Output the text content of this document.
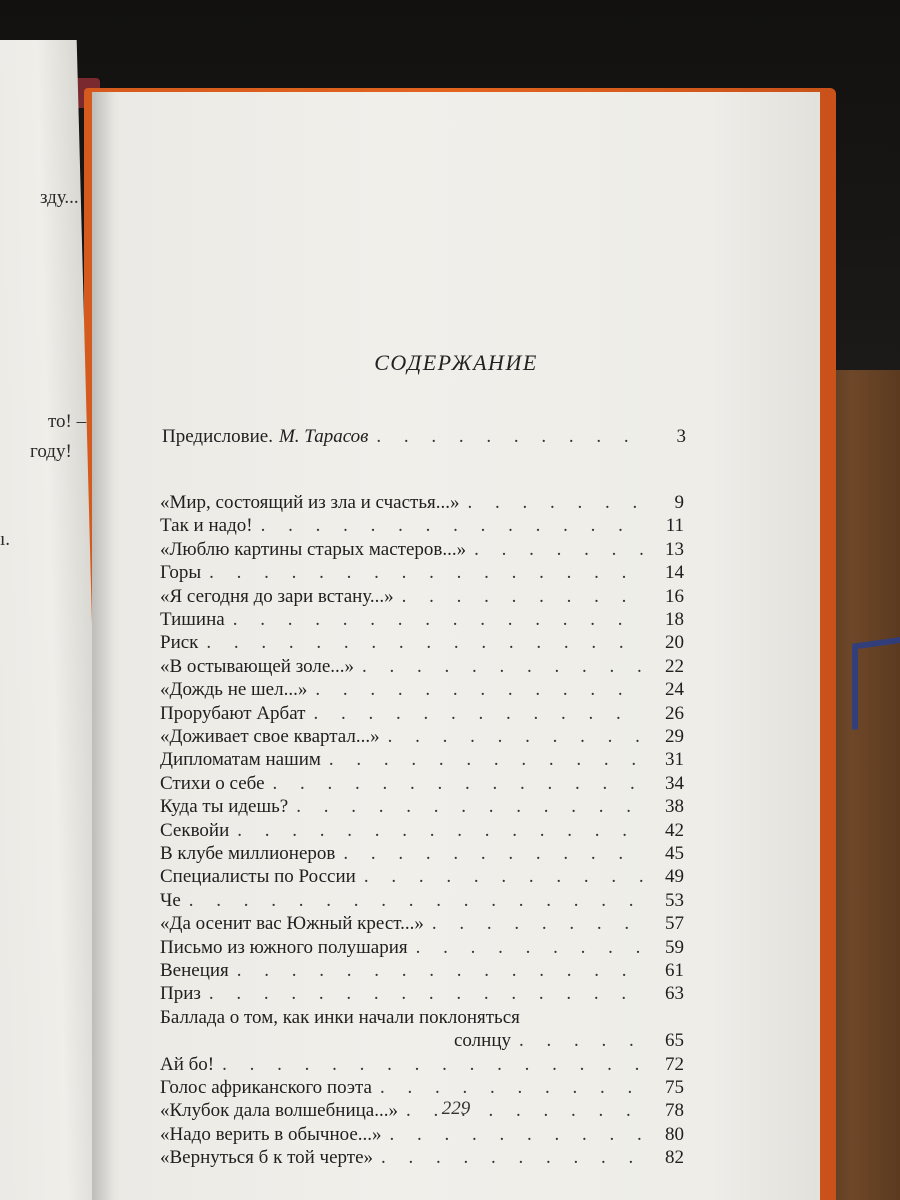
зду...
то! –
году!
ı.
СОДЕРЖАНИЕ
Предисловие. М. Тарасов . . .	3
«Мир, состоящий из зла и счастья...» . . .	9
Так и надо! . . .	11
«Люблю картины старых мастеров...» . . .	13
Горы . . .	14
«Я сегодня до зари встану...» . . .	16
Тишина . . .	18
Риск . . .	20
«В остывающей золе...» . . .	22
«Дождь не шел...» . . .	24
Прорубают Арбат . . .	26
«Доживает свое квартал...» . . .	29
Дипломатам нашим . . .	31
Стихи о себе . . .	34
Куда ты идешь? . . .	38
Секвойи . . .	42
В клубе миллионеров . . .	45
Специалисты по России . . .	49
Че . . .	53
«Да осенит вас Южный крест...» . . .	57
Письмо из южного полушария . . .	59
Венеция . . .	61
Приз . . .	63
Баллада о том, как инки начали поклоняться
солнцу . . .	65
Ай бо! . . .	72
Голос африканского поэта . . .	75
«Клубок дала волшебница...» . . .	78
«Надо верить в обычное...» . . .	80
«Вернуться б к той черте» . . .	82
229
